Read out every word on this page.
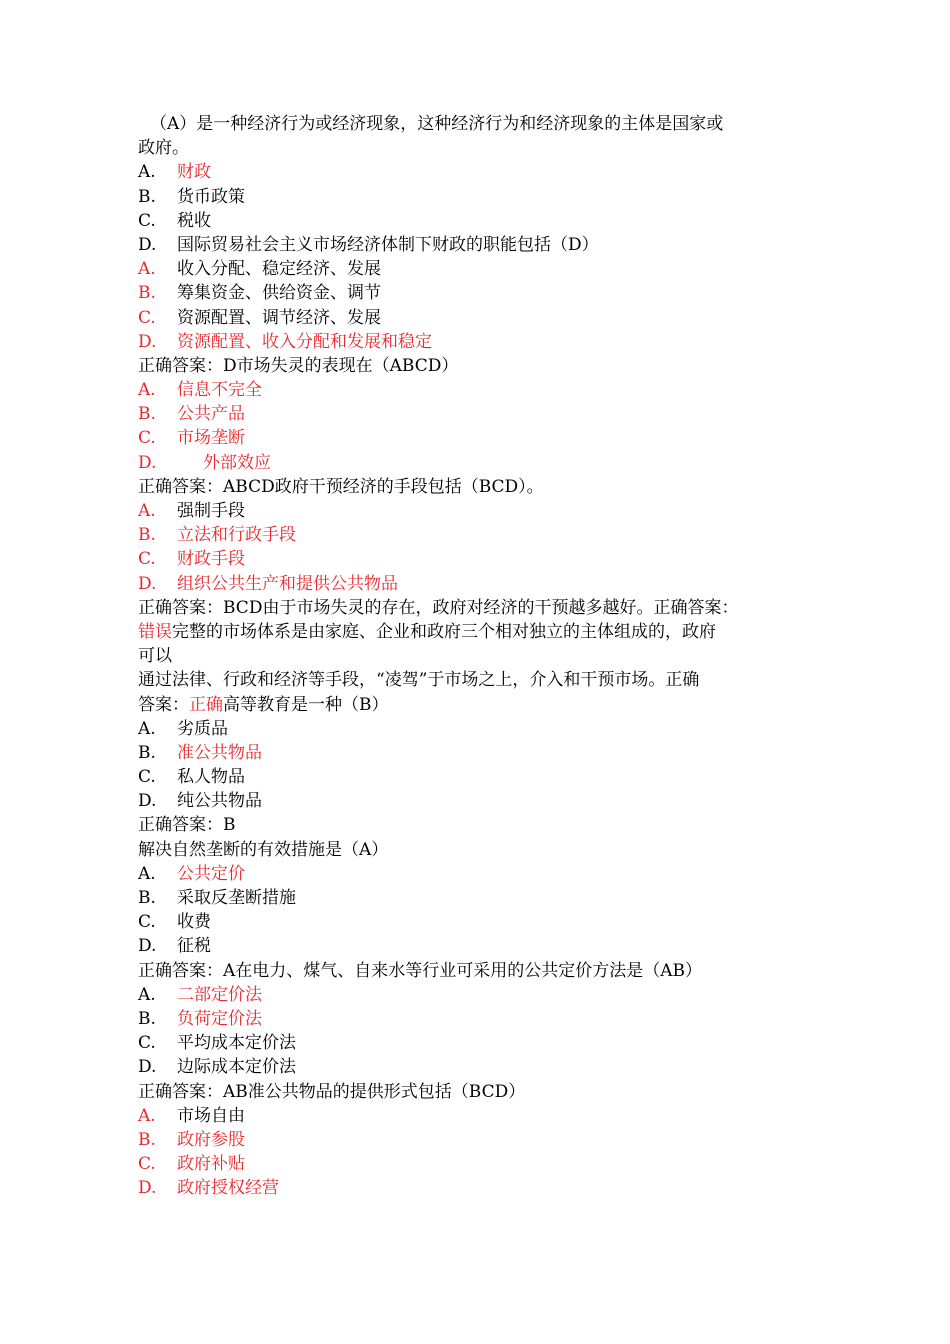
（A）是一种经济行为或经济现象，这种经济行为和经济现象的主体是国家或
政府。
A. 财政
B. 货币政策
C. 税收
D. 国际贸易社会主义市场经济体制下财政的职能包括（D）
A. 收入分配、稳定经济、发展
B. 筹集资金、供给资金、调节
C. 资源配置、调节经济、发展
D. 资源配置、收入分配和发展和稳定
正确答案：D市场失灵的表现在（ABCD）
A. 信息不完全
B. 公共产品
C. 市场垄断
D.	外部效应
正确答案：ABCD政府干预经济的手段包括（BCD）。
A. 强制手段
B. 立法和行政手段
C. 财政手段
D. 组织公共生产和提供公共物品
正确答案：BCD由于市场失灵的存在，政府对经济的干预越多越好。正确答案：
错误完整的市场体系是由家庭、企业和政府三个相对独立的主体组成的，政府
可以
通过法律、行政和经济等手段，“凌驾”于市场之上，介入和干预市场。正确
答案：正确高等教育是一种（B）
A. 劣质品
B. 准公共物品
C. 私人物品
D. 纯公共物品
正确答案：B
解决自然垄断的有效措施是（A）
A. 公共定价
B. 采取反垄断措施
C. 收费
D. 征税
正确答案：A在电力、煤气、自来水等行业可采用的公共定价方法是（AB）
A. 二部定价法
B. 负荷定价法
C. 平均成本定价法
D. 边际成本定价法
正确答案：AB准公共物品的提供形式包括（BCD）
A. 市场自由
B. 政府参股
C. 政府补贴
D. 政府授权经营
